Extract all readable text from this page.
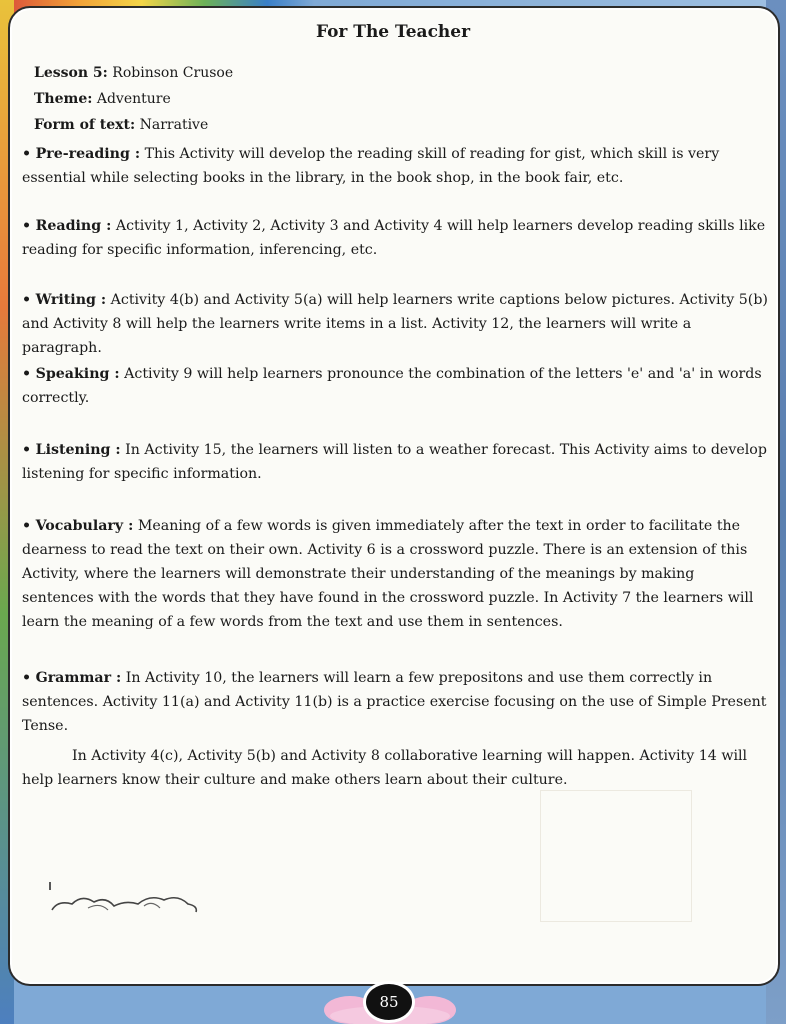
For The Teacher
Lesson 5: Robinson Crusoe
Theme: Adventure
Form of text: Narrative
• Pre-reading : This Activity will develop the reading skill of reading for gist, which skill is very essential while selecting books in the library, in the book shop, in the book fair, etc.
• Reading : Activity 1, Activity 2, Activity 3 and Activity 4 will help learners develop reading skills like reading for specific information, inferencing, etc.
• Writing : Activity 4(b) and Activity 5(a) will help learners write captions below pictures. Activity 5(b) and Activity 8 will help the learners write items in a list. Activity 12, the learners will write a paragraph.
• Speaking : Activity 9 will help learners pronounce the combination of the letters 'e' and 'a' in words correctly.
• Listening : In Activity 15, the learners will listen to a weather forecast. This Activity aims to develop listening for specific information.
• Vocabulary : Meaning of a few words is given immediately after the text in order to facilitate the dearness to read the text on their own. Activity 6 is a crossword puzzle. There is an extension of this Activity, where the learners will demonstrate their understanding of the meanings by making sentences with the words that they have found in the crossword puzzle. In Activity 7 the learners will learn the meaning of a few words from the text and use them in sentences.
• Grammar : In Activity 10, the learners will learn a few prepositons and use them correctly in sentences. Activity 11(a) and Activity 11(b) is a practice exercise focusing on the use of Simple Present Tense.
In Activity 4(c), Activity 5(b) and Activity 8 collaborative learning will happen. Activity 14 will help learners know their culture and make others learn about their culture.
85
